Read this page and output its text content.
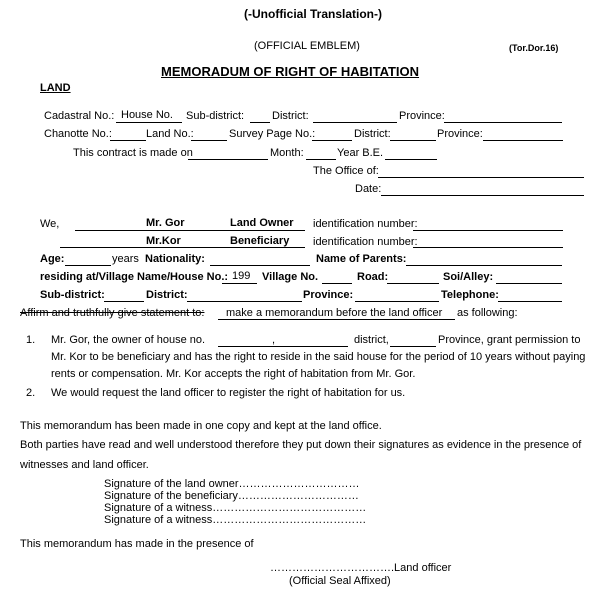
(-Unofficial Translation-)
(OFFICIAL EMBLEM)	(Tor.Dor.16)
MEMORADUM OF RIGHT OF HABITATION
LAND
Cadastral No.: House No. Sub-district:	District:	Province:
Chanotte No.:	Land No.:	Survey Page No.:	District:	Province:
This contract is made on	Month:	Year B.E.
The Office of:
Date:
We,	Mr. Gor	Land Owner identification number:
Mr.Kor	Beneficiary identification number:
Age:	years Nationality:	Name of Parents:
residing at/Village Name/House No.: 199 Village No.	Road:	Soi/Alley:
Sub-district:	District:	Province:	Telephone:
Affirm and truthfully give statement to: make a memorandum before the land officer as following:
1. Mr. Gor, the owner of house no.	,	district,	Province, grant permission to
Mr. Kor to be beneficiary and has the right to reside in the said house for the period of 10 years without paying
rents or compensation. Mr. Kor accepts the right of habitation from Mr. Gor.
2. We would request the land officer to register the right of habitation for us.
This memorandum has been made in one copy and kept at the land office.
Both parties have read and well understood therefore they put down their signatures as evidence in the presence of
witnesses and land officer.
Signature of the land owner……………………………
Signature of the beneficiary……………………………
Signature of a witness……………………………………
Signature of a witness……………………………………
This memorandum has made in the presence of
…………………………….Land officer
(Official Seal Affixed)
